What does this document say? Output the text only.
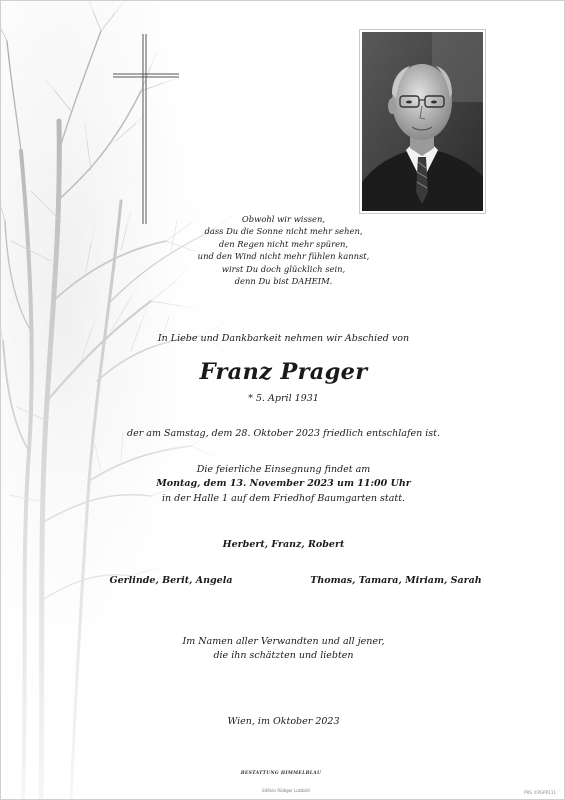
Obwohl wir wissen,
dass Du die Sonne nicht mehr sehen,
den Regen nicht mehr spüren,
und den Wind nicht mehr fühlen kannst,
wirst Du doch glücklich sein,
denn Du bist DAHEIM.

In Liebe und Dankbarkeit nehmen wir Abschied von

Franz Prager

* 5. April 1931

der am Samstag, dem 28. Oktober 2023 friedlich entschlafen ist.

Die feierliche Einsegnung findet am
Montag, dem 13. November 2023 um 11:00 Uhr
in der Halle 1 auf dem Friedhof Baumgarten statt.
Herbert, Franz, Robert
Gerlinde, Berit, Angela	Thomas, Tamara, Miriam, Sarah
Im Namen aller Verwandten und all jener,
die ihn schätzten und liebten
Wien, im Oktober 2023
BESTATTUNG HIMMELBLAU
Edition Rüdiger Lutzbild	PRG ©PGPR111
